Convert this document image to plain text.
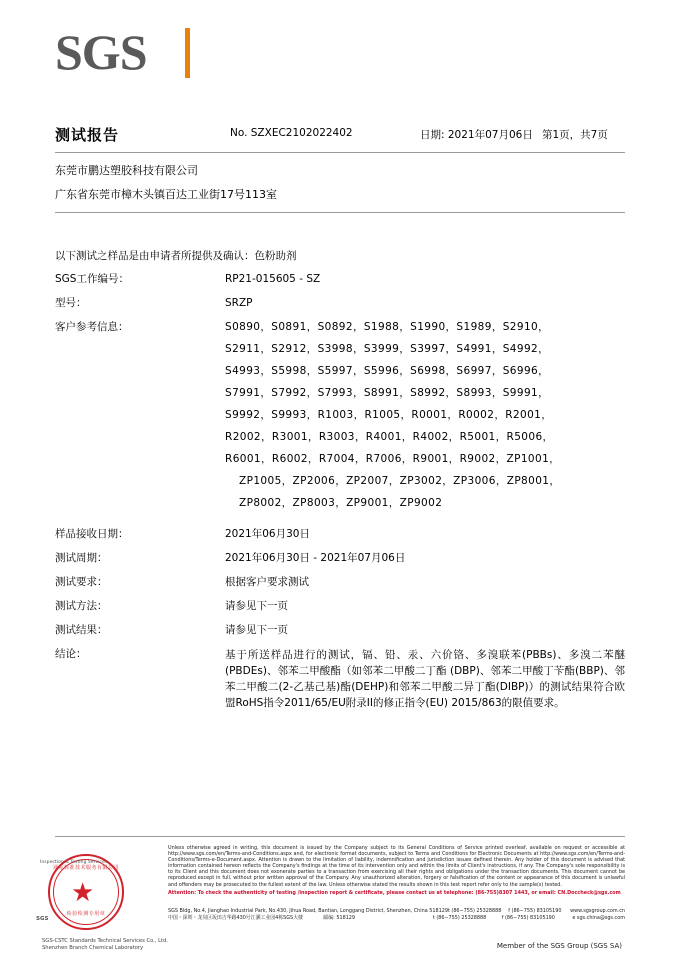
SGS
测试报告	No. SZXEC2102022402	日期: 2021年07月06日 第1页，共7页
东莞市鹏达塑胶科技有限公司
广东省东莞市樟木头镇百达工业街17号113室
以下测试之样品是由申请者所提供及确认：色粉助剂
SGS工作编号：	RP21-015605 - SZ
型号：	SRZP
客户参考信息：	S0890，S0891，S0892，S1988，S1990，S1989，S2910，
S2911，S2912，S3998，S3999，S3997，S4991，S4992，
S4993，S5998，S5997，S5996，S6998，S6997，S6996，
S7991，S7992，S7993，S8991，S8992，S8993，S9991，
S9992，S9993，R1003，R1005，R0001，R0002，R2001，
R2002，R3001，R3003，R4001，R4002，R5001，R5006，
R6001，R6002，R7004，R7006，R9001，R9002，ZP1001，
ZP1005，ZP2006，ZP2007，ZP3002，ZP3006，ZP8001，
ZP8002，ZP8003，ZP9001，ZP9002
样品接收日期：	2021年06月30日
测试周期：	2021年06月30日 - 2021年07月06日
测试要求：	根据客户要求测试
测试方法：	请参见下一页
测试结果：	请参见下一页
结论：	基于所送样品进行的测试，镉、铅、汞、六价铬、多溴联苯(PBBs)、多溴二苯醚(PBDEs)、邻苯二甲酸酯（如邻苯二甲酸二丁酯 (DBP)、邻苯二甲酸丁苄酯(BBP)、邻苯二甲酸二(2-乙基己基)酯(DEHP)和邻苯二甲酸二异丁酯(DIBP)）的测试结果符合欧盟RoHS指令2011/65/EU附录II的修正指令(EU) 2015/863的限值要求。
通标标准技术服务有限公司
★
检验检测专用章
Inspection & Testing Services
SGS-CSTC Standards Technical Services Co., Ltd.
Shenzhen Branch Chemical Laboratory
SGS
Unless otherwise agreed in writing, this document is issued by the Company subject to its General Conditions of Service printed overleaf, available on request or accessible at http://www.sgs.com/en/Terms-and-Conditions.aspx and, for electronic format documents, subject to Terms and Conditions for Electronic Documents at http://www.sgs.com/en/Terms-and-Conditions/Terms-e-Document.aspx. Attention is drawn to the limitation of liability, indemnification and jurisdiction issues defined therein. Any holder of this document is advised that information contained hereon reflects the Company's findings at the time of its intervention only and within the limits of Client's instructions, if any. The Company's sole responsibility is to its Client and this document does not exonerate parties to a transaction from exercising all their rights and obligations under the transaction documents. This document cannot be reproduced except in full, without prior written approval of the Company. Any unauthorized alteration, forgery or falsification of the content or appearance of this document is unlawful and offenders may be prosecuted to the fullest extent of the law. Unless otherwise stated the results shown in this test report refer only to the sample(s) tested.
Attention: To check the authenticity of testing /inspection report & certificate, please contact us at telephone: (86-755)8307 1443, or email: CN.Doccheck@sgs.com
SGS Bldg, No.4, Jianghao Industrial Park, No.430, Jihua Road, Bantian, Longgang District, Shenzhen, China 518129 t (86−755) 25328888	f (86−755) 83105190	www.sgsgroup.com.cn
中国・深圳・龙岗区坂田吉华路430号江灏工业园4栋SGS大楼	邮编: 518129	t (86−755) 25328888	f (86−755) 83105190	e sgs.china@sgs.com
Member of the SGS Group (SGS SA)
